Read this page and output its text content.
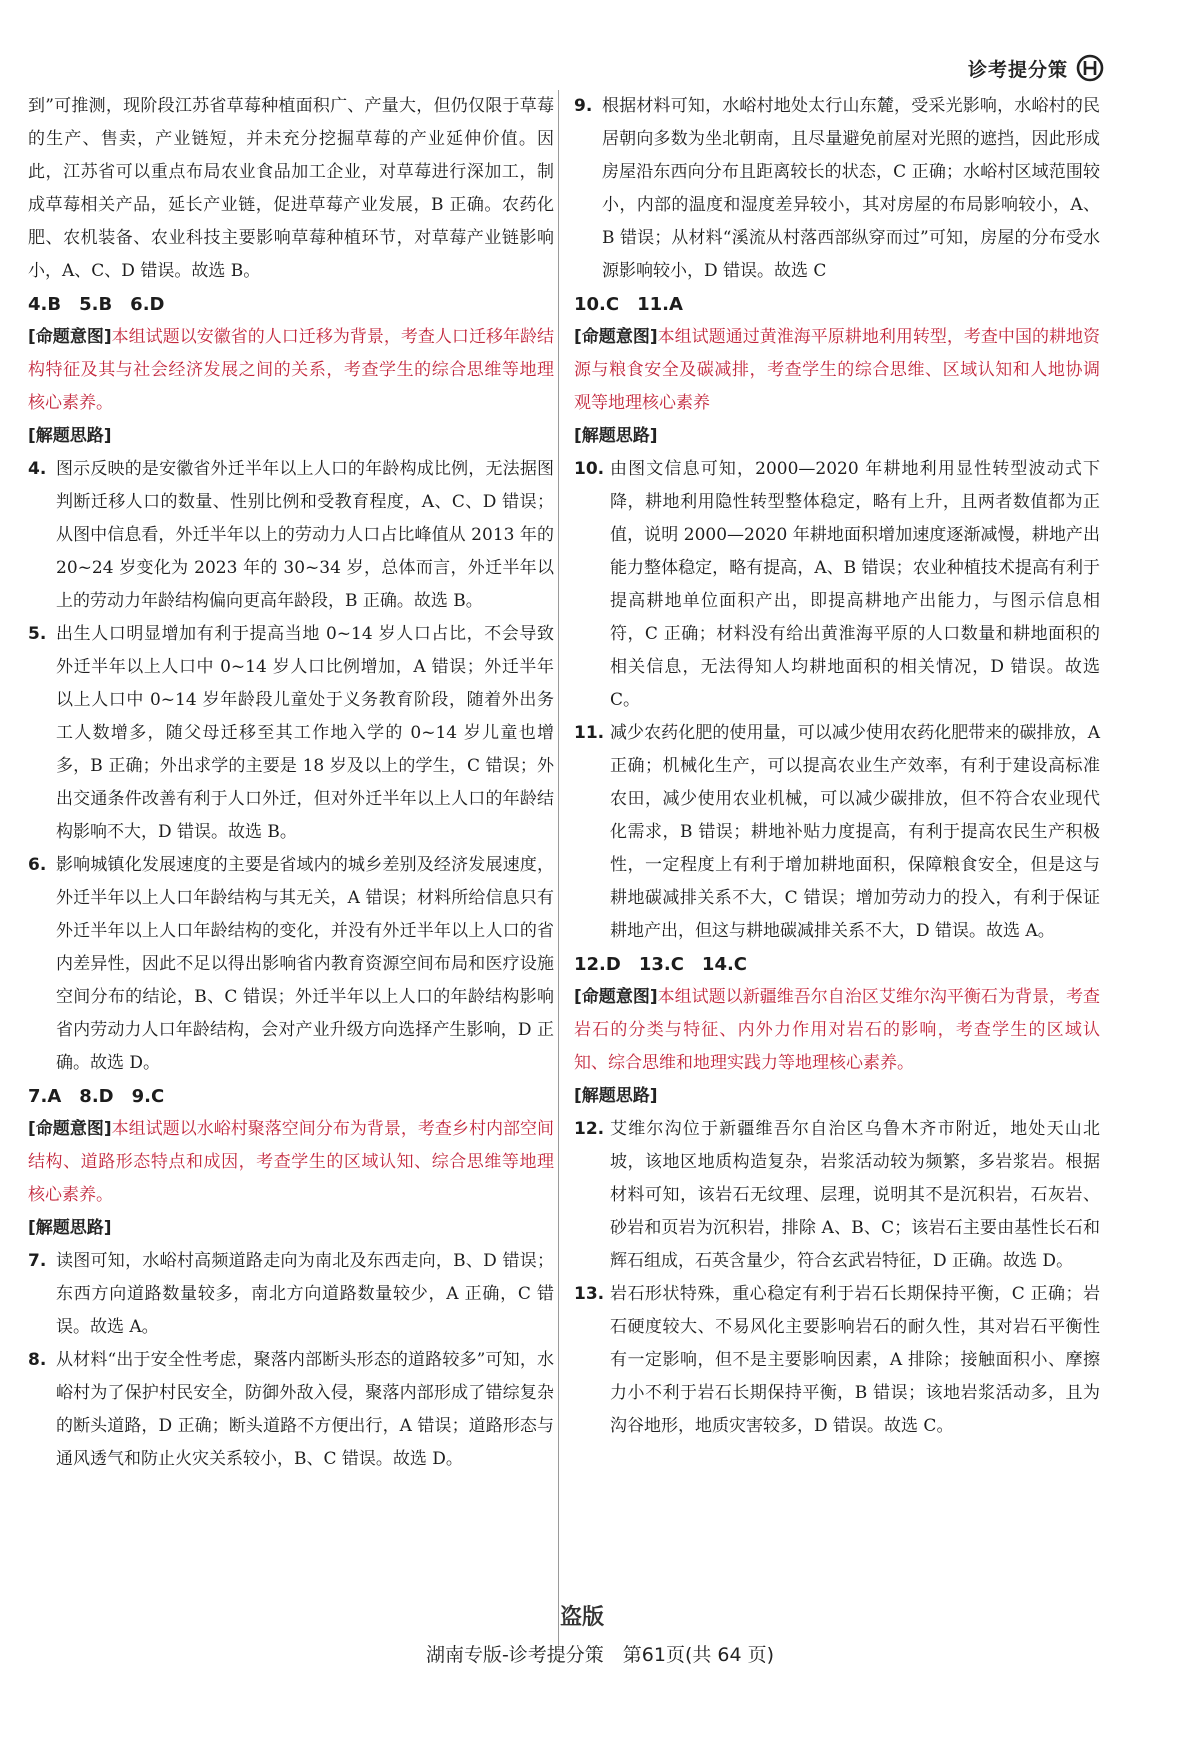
诊考提分策

到”可推测，现阶段江苏省草莓种植面积广、产量大，但仍仅限于草莓的生产、售卖，产业链短，并未充分挖掘草莓的产业延伸价值。因此，江苏省可以重点布局农业食品加工企业，对草莓进行深加工，制成草莓相关产品，延长产业链，促进草莓产业发展，B 正确。农药化肥、农机装备、农业科技主要影响草莓种植环节，对草莓产业链影响小，A、C、D 错误。故选 B。

4.B　5.B　6.D

[命题意图]本组试题以安徽省的人口迁移为背景，考查人口迁移年龄结构特征及其与社会经济发展之间的关系，考查学生的综合思维等地理核心素养。

[解题思路]

4. 图示反映的是安徽省外迁半年以上人口的年龄构成比例，无法据图判断迁移人口的数量、性别比例和受教育程度，A、C、D 错误；从图中信息看，外迁半年以上的劳动力人口占比峰值从 2013 年的 20~24 岁变化为 2023 年的 30~34 岁，总体而言，外迁半年以上的劳动力年龄结构偏向更高年龄段，B 正确。故选 B。
5. 出生人口明显增加有利于提高当地 0~14 岁人口占比，不会导致外迁半年以上人口中 0~14 岁人口比例增加，A 错误；外迁半年以上人口中 0~14 岁年龄段儿童处于义务教育阶段，随着外出务工人数增多，随父母迁移至其工作地入学的 0~14 岁儿童也增多，B 正确；外出求学的主要是 18 岁及以上的学生，C 错误；外出交通条件改善有利于人口外迁，但对外迁半年以上人口的年龄结构影响不大，D 错误。故选 B。
6. 影响城镇化发展速度的主要是省域内的城乡差别及经济发展速度，外迁半年以上人口年龄结构与其无关，A 错误；材料所给信息只有外迁半年以上人口年龄结构的变化，并没有外迁半年以上人口的省内差异性，因此不足以得出影响省内教育资源空间布局和医疗设施空间分布的结论，B、C 错误；外迁半年以上人口的年龄结构影响省内劳动力人口年龄结构，会对产业升级方向选择产生影响，D 正确。故选 D。

7.A　8.D　9.C

[命题意图]本组试题以水峪村聚落空间分布为背景，考查乡村内部空间结构、道路形态特点和成因，考查学生的区域认知、综合思维等地理核心素养。

[解题思路]

7. 读图可知，水峪村高频道路走向为南北及东西走向，B、D 错误；东西方向道路数量较多，南北方向道路数量较少，A 正确，C 错误。故选 A。
8. 从材料“出于安全性考虑，聚落内部断头形态的道路较多”可知，水峪村为了保护村民安全，防御外敌入侵，聚落内部形成了错综复杂的断头道路，D 正确；断头道路不方便出行，A 错误；道路形态与通风透气和防止火灾关系较小，B、C 错误。故选 D。
9. 根据材料可知，水峪村地处太行山东麓，受采光影响，水峪村的民居朝向多数为坐北朝南，且尽量避免前屋对光照的遮挡，因此形成房屋沿东西向分布且距离较长的状态，C 正确；水峪村区域范围较小，内部的温度和湿度差异较小，其对房屋的布局影响较小，A、B 错误；从材料“溪流从村落西部纵穿而过”可知，房屋的分布受水源影响较小，D 错误。故选 C

10.C　11.A

[命题意图]本组试题通过黄淮海平原耕地利用转型，考查中国的耕地资源与粮食安全及碳减排，考查学生的综合思维、区域认知和人地协调观等地理核心素养

[解题思路]

10. 由图文信息可知，2000—2020 年耕地利用显性转型波动式下降，耕地利用隐性转型整体稳定，略有上升，且两者数值都为正值，说明 2000—2020 年耕地面积增加速度逐渐减慢，耕地产出能力整体稳定，略有提高，A、B 错误；农业种植技术提高有利于提高耕地单位面积产出，即提高耕地产出能力，与图示信息相符，C 正确；材料没有给出黄淮海平原的人口数量和耕地面积的相关信息，无法得知人均耕地面积的相关情况，D 错误。故选 C。
11. 减少农药化肥的使用量，可以减少使用农药化肥带来的碳排放，A 正确；机械化生产，可以提高农业生产效率，有利于建设高标准农田，减少使用农业机械，可以减少碳排放，但不符合农业现代化需求，B 错误；耕地补贴力度提高，有利于提高农民生产积极性，一定程度上有利于增加耕地面积，保障粮食安全，但是这与耕地碳减排关系不大，C 错误；增加劳动力的投入，有利于保证耕地产出，但这与耕地碳减排关系不大，D 错误。故选 A。

12.D　13.C　14.C

[命题意图]本组试题以新疆维吾尔自治区艾维尔沟平衡石为背景，考查岩石的分类与特征、内外力作用对岩石的影响，考查学生的区域认知、综合思维和地理实践力等地理核心素养。

[解题思路]

12. 艾维尔沟位于新疆维吾尔自治区乌鲁木齐市附近，地处天山北坡，该地区地质构造复杂，岩浆活动较为频繁，多岩浆岩。根据材料可知，该岩石无纹理、层理，说明其不是沉积岩，石灰岩、砂岩和页岩为沉积岩，排除 A、B、C；该岩石主要由基性长石和辉石组成，石英含量少，符合玄武岩特征，D 正确。故选 D。
13. 岩石形状特殊，重心稳定有利于岩石长期保持平衡，C 正确；岩石硬度较大、不易风化主要影响岩石的耐久性，其对岩石平衡性有一定影响，但不是主要影响因素，A 排除；接触面积小、摩擦力小不利于岩石长期保持平衡，B 错误；该地岩浆活动多，且为沟谷地形，地质灾害较多，D 错误。故选 C。
盗版
湖南专版-诊考提分策　第61页(共 64 页)
